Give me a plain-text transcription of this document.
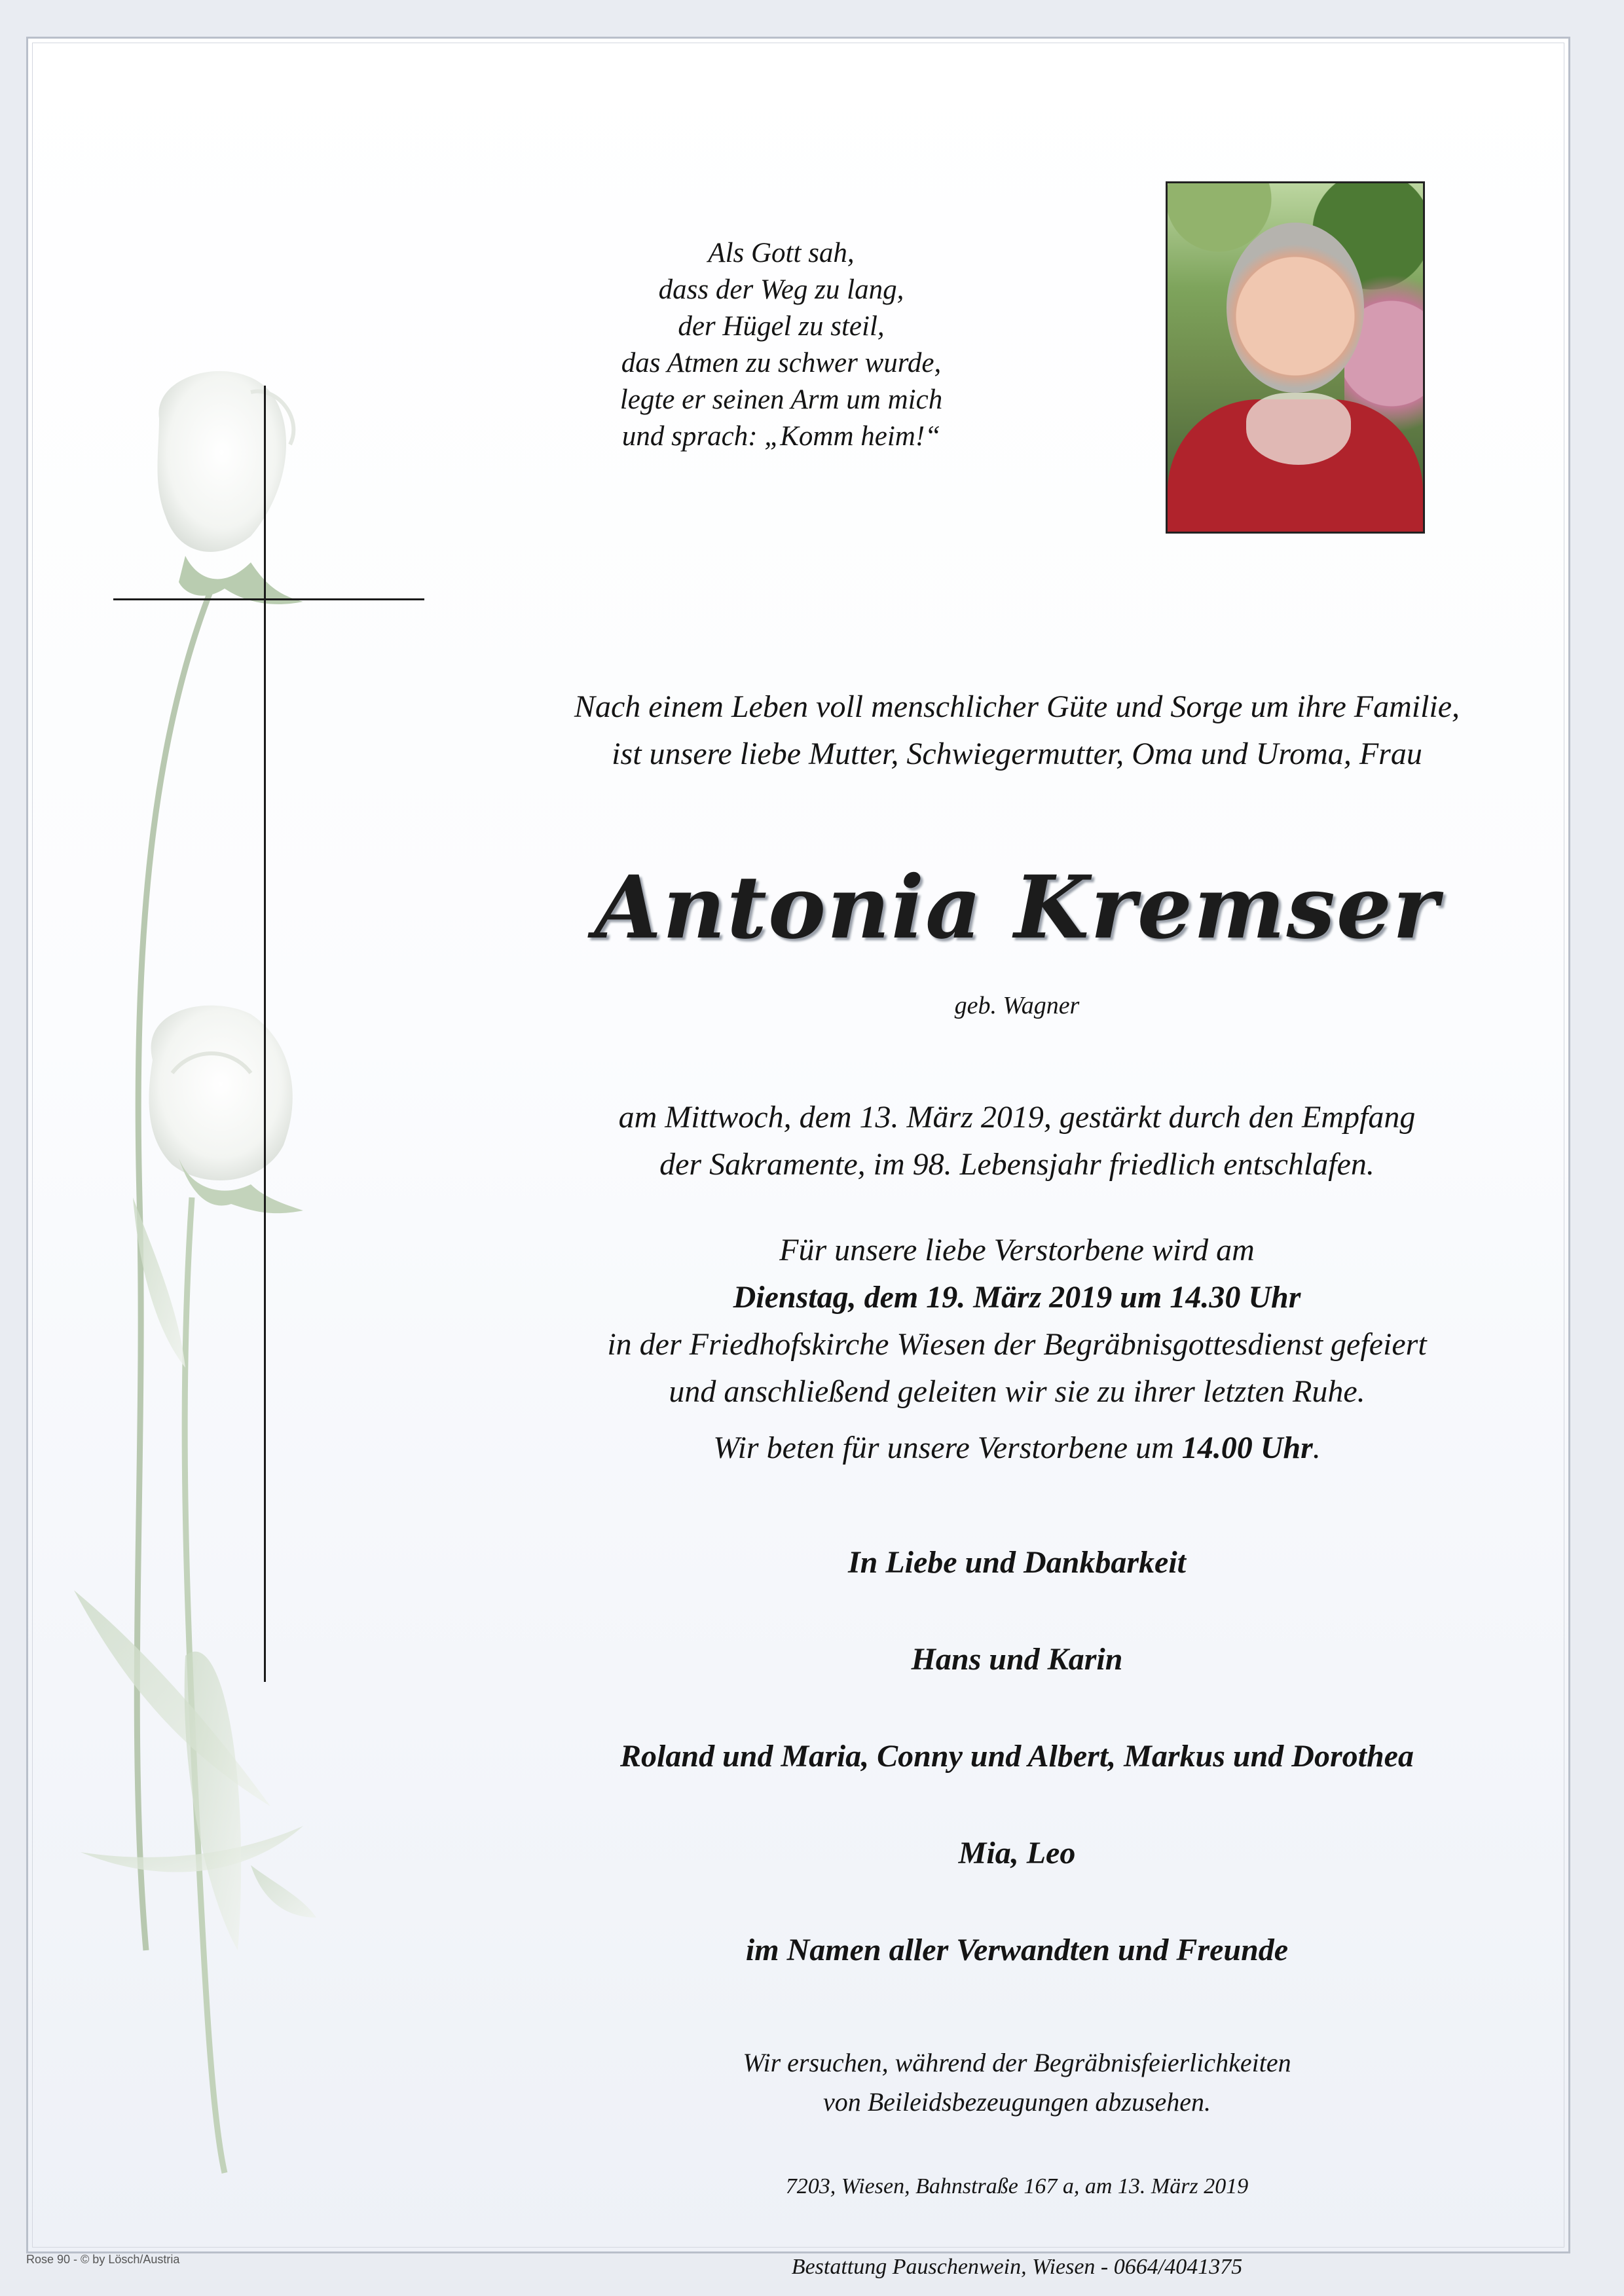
Als Gott sah,
dass der Weg zu lang,
der Hügel zu steil,
das Atmen zu schwer wurde,
legte er seinen Arm um mich
und sprach: „Komm heim!“
Nach einem Leben voll menschlicher Güte und Sorge um ihre Familie,
ist unsere liebe Mutter, Schwiegermutter, Oma und Uroma, Frau
Antonia Kremser
geb. Wagner
am Mittwoch, dem 13. März 2019, gestärkt durch den Empfang
der Sakramente, im 98. Lebensjahr friedlich entschlafen.
Für unsere liebe Verstorbene wird am
Dienstag, dem 19. März 2019 um 14.30 Uhr
in der Friedhofskirche Wiesen der Begräbnisgottesdienst gefeiert
und anschließend geleiten wir sie zu ihrer letzten Ruhe.
Wir beten für unsere Verstorbene um 14.00 Uhr.
In Liebe und Dankbarkeit
Hans und Karin
Roland und Maria, Conny und Albert, Markus und Dorothea
Mia, Leo
im Namen aller Verwandten und Freunde
Wir ersuchen, während der Begräbnisfeierlichkeiten
von Beileidsbezeugungen abzusehen.
7203, Wiesen, Bahnstraße 167 a, am 13. März 2019
Bestattung Pauschenwein, Wiesen - 0664/4041375
Rose 90 - © by Lösch/Austria
